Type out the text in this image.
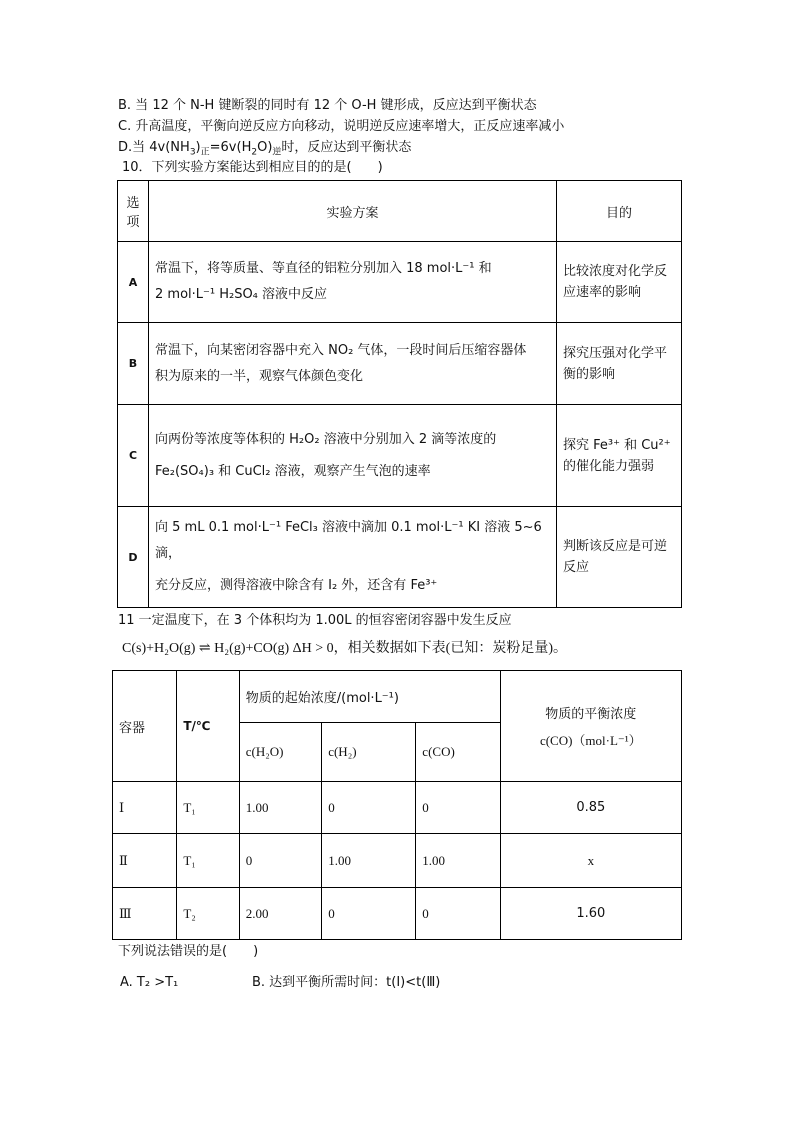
B. 当 12 个 N-H 键断裂的同时有 12 个 O-H 键形成，反应达到平衡状态
C. 升高温度，平衡向逆反应方向移动，说明逆反应速率增大，正反应速率减小
D.当 $4v(NH_3)_正=6v(H_2O)_逆$时，反应达到平衡状态
10．下列实验方案能达到相应目的的是(　　)
选项	实验方案	目的
A	常温下，将等质量、等直径的铝粒分别加入 18 mol·L⁻¹ 和
2 mol·L⁻¹ H₂SO₄ 溶液中反应	比较浓度对化学反应速率的影响
B	常温下，向某密闭容器中充入 NO₂ 气体，一段时间后压缩容器体
积为原来的一半，观察气体颜色变化	探究压强对化学平衡的影响
C	向两份等浓度等体积的 H₂O₂ 溶液中分别加入 2 滴等浓度的
Fe₂(SO₄)₃ 和 CuCl₂ 溶液，观察产生气泡的速率	探究 Fe³⁺ 和 Cu²⁺ 的催化能力强弱
D	向 5 mL 0.1 mol·L⁻¹ FeCl₃ 溶液中滴加 0.1 mol·L⁻¹ KI 溶液 5~6 滴，
充分反应，测得溶液中除含有 I₂ 外，还含有 Fe³⁺	判断该反应是可逆反应
11 一定温度下，在 3 个体积均为 1.00L 的恒容密闭容器中发生反应
C(s)+H₂O(g) ⇌ H₂(g)+CO(g) ΔH > 0，相关数据如下表(已知：炭粉足量)。
容器	T/℃	物质的起始浓度/(mol·L⁻¹)			物质的平衡浓度
c(CO)（mol·L⁻¹）

		c(H₂O)	c(H₂)	c(CO)	
Ⅰ	T₁	1.00	0	0	0.85
Ⅱ	T₁	0	1.00	1.00	x
Ⅲ	T₂	2.00	0	0	1.60
下列说法错误的是(　　)
A. T₂ >T₁	B. 达到平衡所需时间：t(Ⅰ)<t(Ⅲ)
